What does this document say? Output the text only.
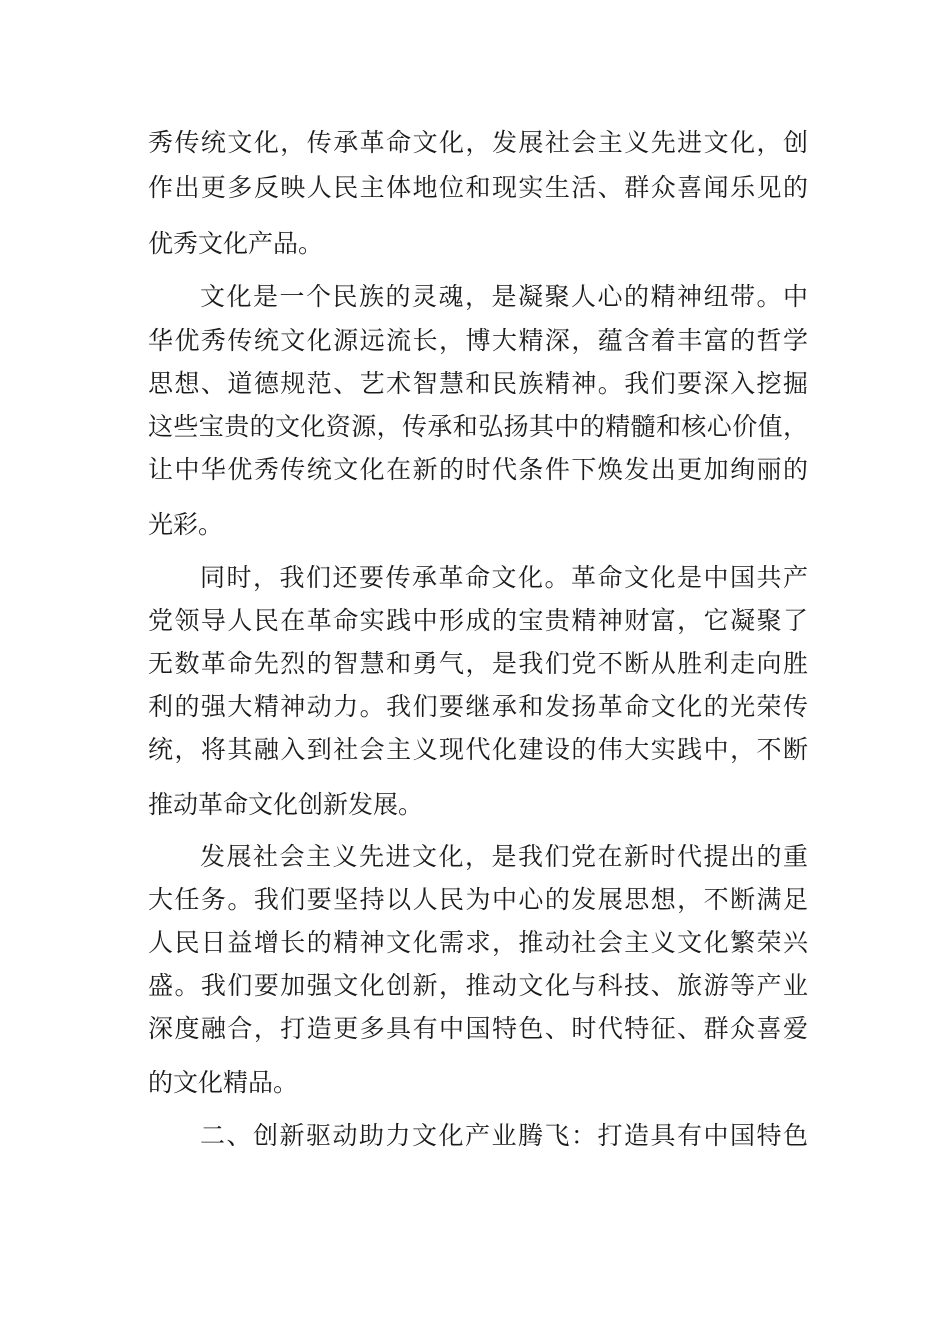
秀传统文化，传承革命文化，发展社会主义先进文化，创
作出更多反映人民主体地位和现实生活、群众喜闻乐见的
优秀文化产品。
文化是一个民族的灵魂，是凝聚人心的精神纽带。中
华优秀传统文化源远流长，博大精深，蕴含着丰富的哲学
思想、道德规范、艺术智慧和民族精神。我们要深入挖掘
这些宝贵的文化资源，传承和弘扬其中的精髓和核心价值，
让中华优秀传统文化在新的时代条件下焕发出更加绚丽的
光彩。
同时，我们还要传承革命文化。革命文化是中国共产
党领导人民在革命实践中形成的宝贵精神财富，它凝聚了
无数革命先烈的智慧和勇气，是我们党不断从胜利走向胜
利的强大精神动力。我们要继承和发扬革命文化的光荣传
统，将其融入到社会主义现代化建设的伟大实践中，不断
推动革命文化创新发展。
发展社会主义先进文化，是我们党在新时代提出的重
大任务。我们要坚持以人民为中心的发展思想，不断满足
人民日益增长的精神文化需求，推动社会主义文化繁荣兴
盛。我们要加强文化创新，推动文化与科技、旅游等产业
深度融合，打造更多具有中国特色、时代特征、群众喜爱
的文化精品。
二、创新驱动助力文化产业腾飞：打造具有中国特色
